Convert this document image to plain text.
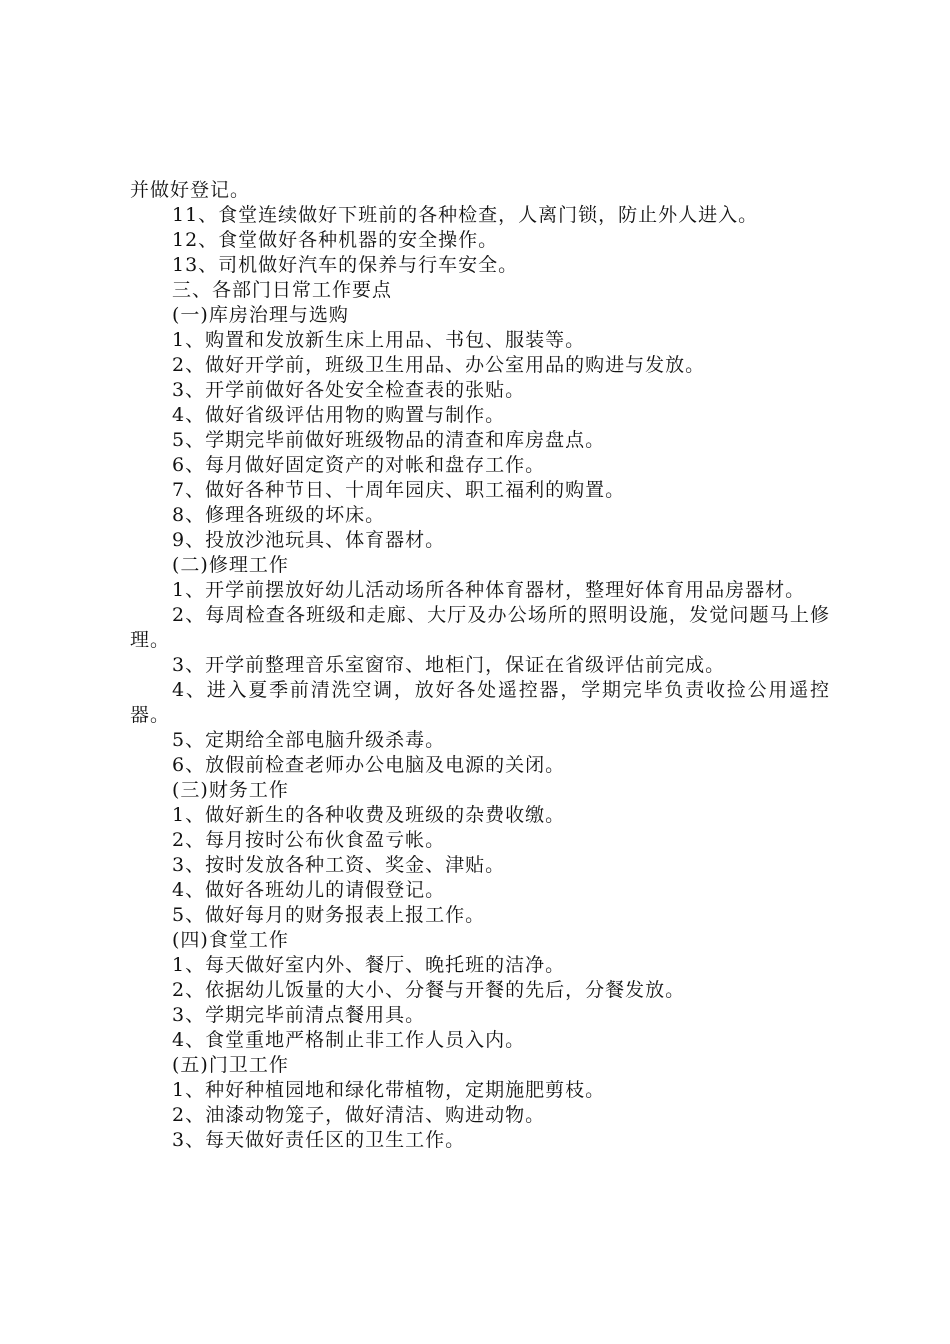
并做好登记。

11、食堂连续做好下班前的各种检查，人离门锁，防止外人进入。

12、食堂做好各种机器的安全操作。

13、司机做好汽车的保养与行车安全。

三、各部门日常工作要点

(一)库房治理与选购

1、购置和发放新生床上用品、书包、服装等。

2、做好开学前，班级卫生用品、办公室用品的购进与发放。

3、开学前做好各处安全检查表的张贴。

4、做好省级评估用物的购置与制作。

5、学期完毕前做好班级物品的清查和库房盘点。

6、每月做好固定资产的对帐和盘存工作。

7、做好各种节日、十周年园庆、职工福利的购置。

8、修理各班级的坏床。

9、投放沙池玩具、体育器材。

(二)修理工作

1、开学前摆放好幼儿活动场所各种体育器材，整理好体育用品房器材。

2、每周检查各班级和走廊、大厅及办公场所的照明设施，发觉问题马上修理。

3、开学前整理音乐室窗帘、地柜门，保证在省级评估前完成。

4、进入夏季前清洗空调，放好各处遥控器，学期完毕负责收捡公用遥控器。

5、定期给全部电脑升级杀毒。

6、放假前检查老师办公电脑及电源的关闭。

(三)财务工作

1、做好新生的各种收费及班级的杂费收缴。

2、每月按时公布伙食盈亏帐。

3、按时发放各种工资、奖金、津贴。

4、做好各班幼儿的请假登记。

5、做好每月的财务报表上报工作。

(四)食堂工作

1、每天做好室内外、餐厅、晚托班的洁净。

2、依据幼儿饭量的大小、分餐与开餐的先后，分餐发放。

3、学期完毕前清点餐用具。

4、食堂重地严格制止非工作人员入内。

(五)门卫工作

1、种好种植园地和绿化带植物，定期施肥剪枝。

2、油漆动物笼子，做好清洁、购进动物。

3、每天做好责任区的卫生工作。
